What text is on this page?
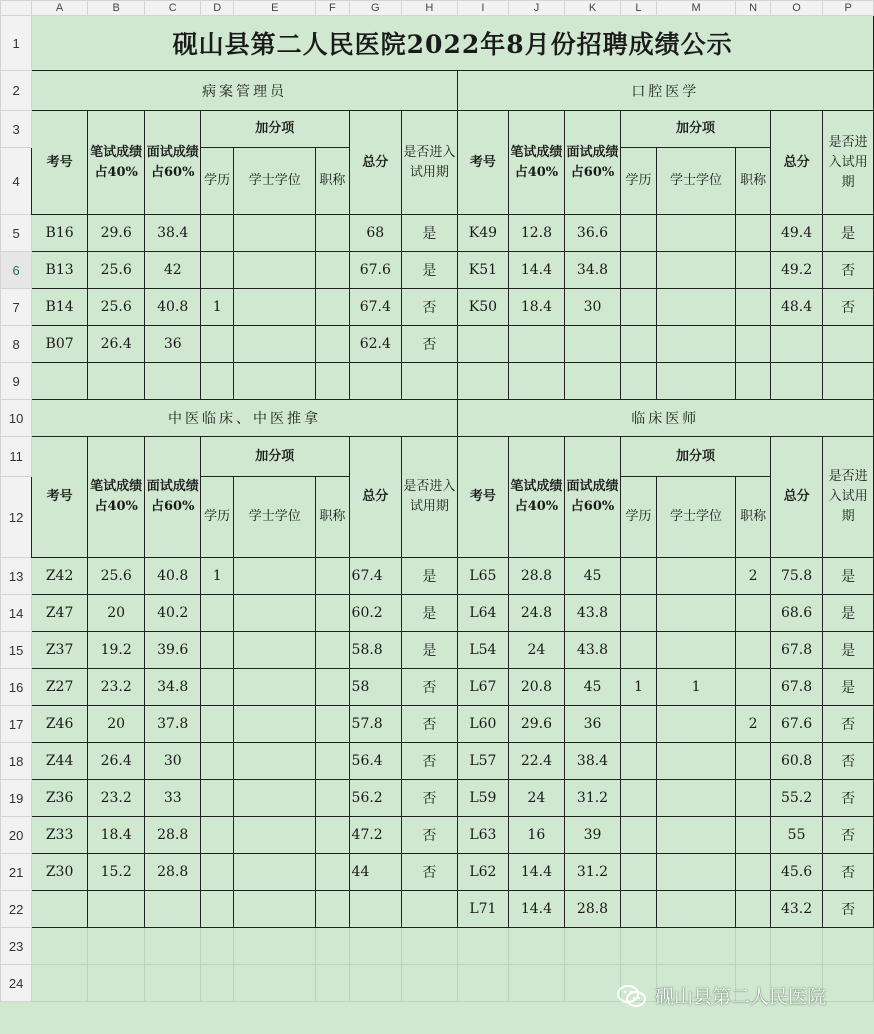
	A	B	C	D	E	F	G	H	I	J	K	L	M	N	O	P
1	砚山县第二人民医院2022年8月份招聘成绩公示															
2	病案管理员								口腔医学							
3	考号	笔试成绩占40%	面试成绩占60%	加分项			总分	是否进入试用期	考号	笔试成绩占40%	面试成绩占60%	加分项			总分	是否进入试用期
4				学历	学士学位	职称						学历	学士学位	职称		
5	B16	29.6	38.4				68	是	K49	12.8	36.6				49.4	是
6	B13	25.6	42				67.6	是	K51	14.4	34.8				49.2	否
7	B14	25.6	40.8	1			67.4	否	K50	18.4	30				48.4	否
8	B07	26.4	36				62.4	否								
9																
10	中医临床、中医推拿								临床医师							
11	考号	笔试成绩占40%	面试成绩占60%	加分项			总分	是否进入试用期	考号	笔试成绩占40%	面试成绩占60%	加分项			总分	是否进入试用期
12				学历	学士学位	职称						学历	学士学位	职称		
13	Z42	25.6	40.8	1			67.4	是	L65	28.8	45			2	75.8	是
14	Z47	20	40.2				60.2	是	L64	24.8	43.8				68.6	是
15	Z37	19.2	39.6				58.8	是	L54	24	43.8				67.8	是
16	Z27	23.2	34.8				58	否	L67	20.8	45	1	1		67.8	是
17	Z46	20	37.8				57.8	否	L60	29.6	36			2	67.6	否
18	Z44	26.4	30				56.4	否	L57	22.4	38.4				60.8	否
19	Z36	23.2	33				56.2	否	L59	24	31.2				55.2	否
20	Z33	18.4	28.8				47.2	否	L63	16	39				55	否
21	Z30	15.2	28.8				44	否	L62	14.4	31.2				45.6	否
22									L71	14.4	28.8				43.2	否
23																
24																
砚山县第二人民医院
